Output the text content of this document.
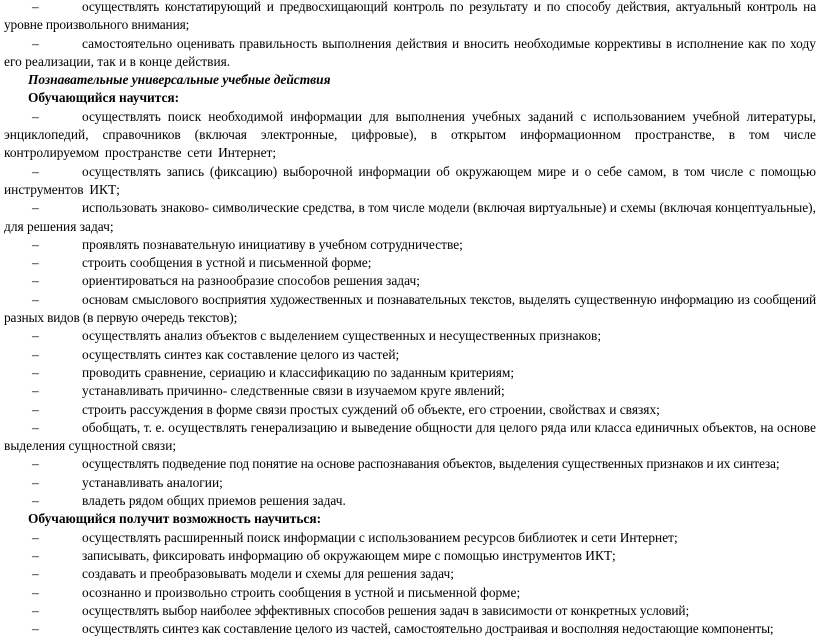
–	осуществлять констатирующий и предвосхищающий контроль по результату и по способу действия, актуальный контроль на уровне произвольного внимания;

–	самостоятельно оценивать правильность выполнения действия и вносить необходимые коррективы в исполнение как по ходу его реализации, так и в конце действия.

Познавательные универсальные учебные действия

Обучающийся научится:

–	осуществлять поиск необходимой информации для выполнения учебных заданий с использованием учебной литературы, энциклопедий, справочников (включая электронные, цифровые), в открытом информационном пространстве, в том числе контролируемом пространстве сети Интернет;

–	осуществлять запись (фиксацию) выборочной информации об окружающем мире и о себе самом, в том числе с помощью инструментов ИКТ;

–	использовать знаково- символические средства, в том числе модели (включая виртуальные) и схемы (включая концептуальные), для решения задач;

–	проявлять познавательную инициативу в учебном сотрудничестве;

–	строить сообщения в устной и письменной форме;

–	ориентироваться на разнообразие способов решения задач;

–	основам смыслового восприятия художественных и познавательных текстов, выделять существенную информацию из сообщений разных видов (в первую очередь текстов);

–	осуществлять анализ объектов с выделением существенных и несущественных признаков;

–	осуществлять синтез как составление целого из частей;

–	проводить сравнение, сериацию и классификацию по заданным критериям;

–	устанавливать причинно- следственные связи в изучаемом круге явлений;

–	строить рассуждения в форме связи простых суждений об объекте, его строении, свойствах и связях;

–	обобщать, т. е. осуществлять генерализацию и выведение общности для целого ряда или класса единичных объектов, на основе выделения сущностной связи;

–	осуществлять подведение под понятие на основе распознавания объектов, выделения существенных признаков и их синтеза;

–	устанавливать аналогии;

–	владеть рядом общих приемов решения задач.

Обучающийся получит возможность научиться:

–	осуществлять расширенный поиск информации с использованием ресурсов библиотек и сети Интернет;

–	записывать, фиксировать информацию об окружающем мире с помощью инструментов ИКТ;

–	создавать и преобразовывать модели и схемы для решения задач;

–	осознанно и произвольно строить сообщения в устной и письменной форме;

–	осуществлять выбор наиболее эффективных способов решения задач в зависимости от конкретных условий;

–	осуществлять синтез как составление целого из частей, самостоятельно достраивая и восполняя недостающие компоненты;
